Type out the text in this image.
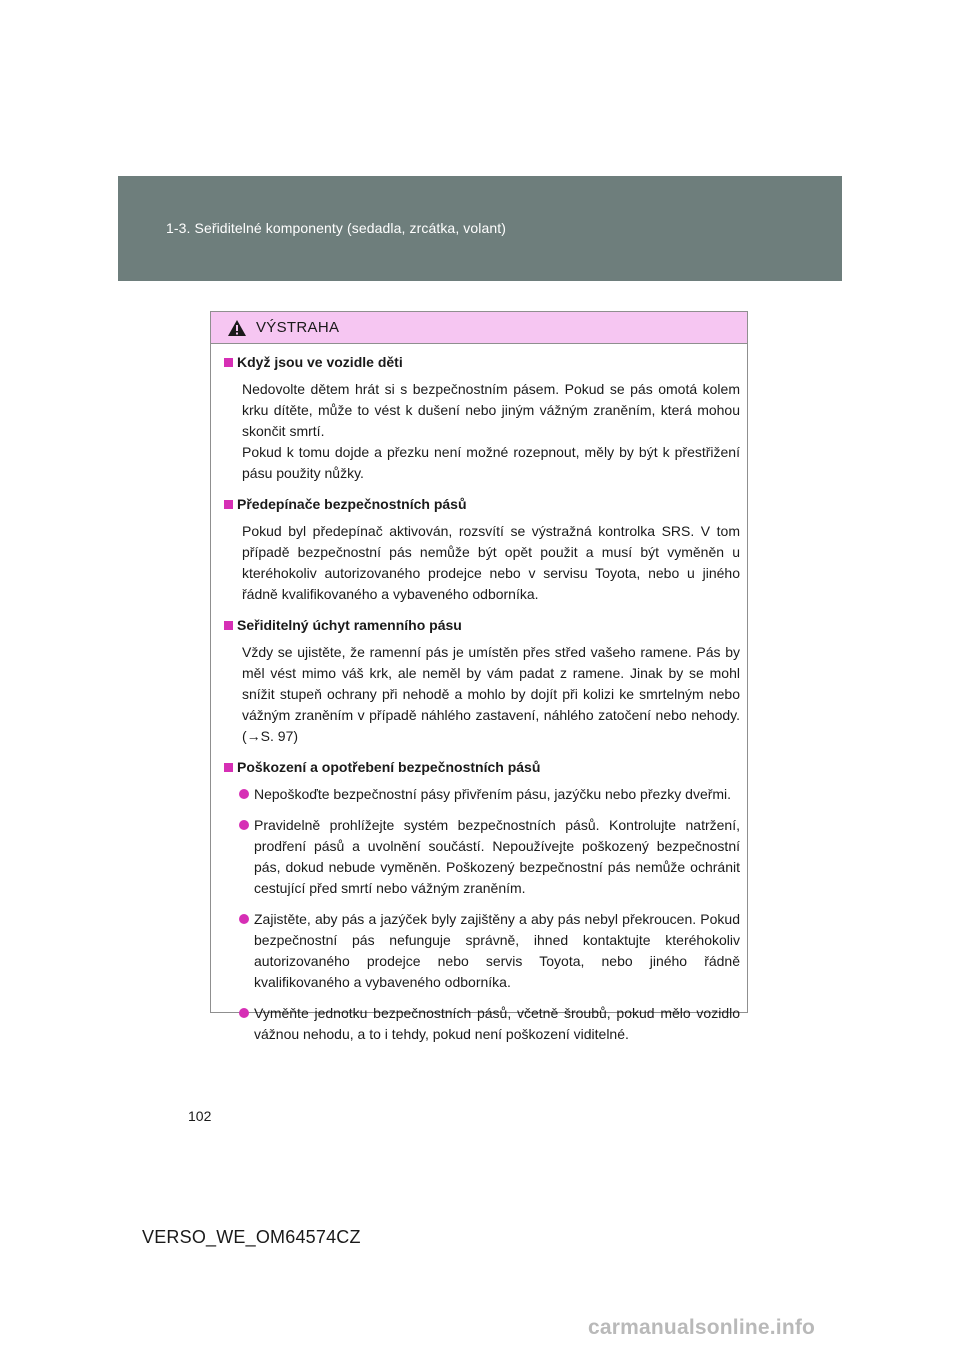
1-3. Seřiditelné komponenty (sedadla, zrcátka, volant)
VÝSTRAHA
Když jsou ve vozidle děti

Nedovolte dětem hrát si s bezpečnostním pásem. Pokud se pás omotá kolem krku dítěte, může to vést k dušení nebo jiným vážným zraněním, která mohou skončit smrtí.

Pokud k tomu dojde a přezku není možné rozepnout, měly by být k přestřižení pásu použity nůžky.

Předepínače bezpečnostních pásů

Pokud byl předepínač aktivován, rozsvítí se výstražná kontrolka SRS. V tom případě bezpečnostní pás nemůže být opět použit a musí být vyměněn u kteréhokoliv autorizovaného prodejce nebo v servisu Toyota, nebo u jiného řádně kvalifikovaného a vybaveného odborníka.

Seřiditelný úchyt ramenního pásu

Vždy se ujistěte, že ramenní pás je umístěn přes střed vašeho ramene. Pás by měl vést mimo váš krk, ale neměl by vám padat z ramene. Jinak by se mohl snížit stupeň ochrany při nehodě a mohlo by dojít při kolizi ke smrtelným nebo vážným zraněním v případě náhlého zastavení, náhlého zatočení nebo nehody. (→S. 97)

Poškození a opotřebení bezpečnostních pásů

Nepoškoďte bezpečnostní pásy přivřením pásu, jazýčku nebo přezky dveřmi.

Pravidelně prohlížejte systém bezpečnostních pásů. Kontrolujte natržení, prodření pásů a uvolnění součástí. Nepoužívejte poškozený bezpečnostní pás, dokud nebude vyměněn. Poškozený bezpečnostní pás nemůže ochránit cestující před smrtí nebo vážným zraněním.

Zajistěte, aby pás a jazýček byly zajištěny a aby pás nebyl překroucen. Pokud bezpečnostní pás nefunguje správně, ihned kontaktujte kteréhokoliv autorizovaného prodejce nebo servis Toyota, nebo jiného řádně kvalifikovaného a vybaveného odborníka.

Vyměňte jednotku bezpečnostních pásů, včetně šroubů, pokud mělo vozidlo vážnou nehodu, a to i tehdy, pokud není poškození viditelné.

102
VERSO_WE_OM64574CZ
carmanualsonline.info
